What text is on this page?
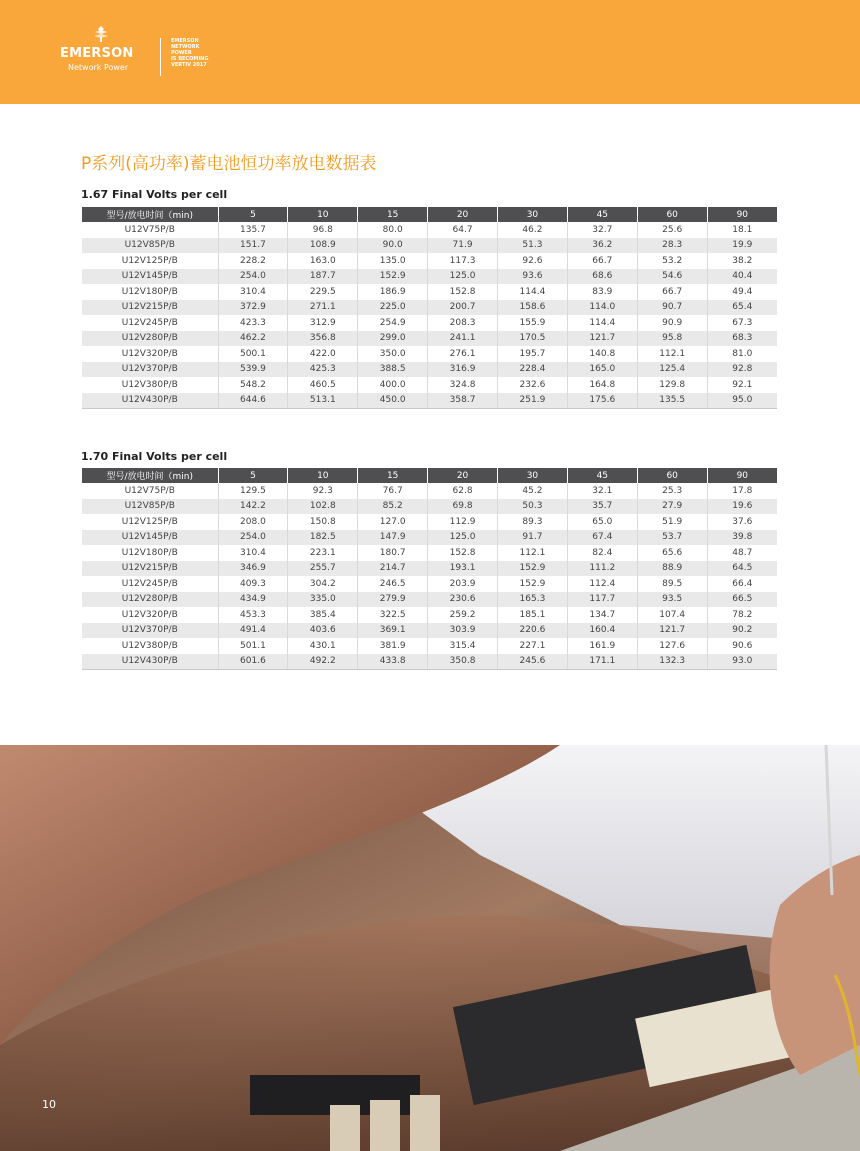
EMERSON
Network Power
EMERSON
NETWORK
POWER
IS BECOMING
VERTIV 2017
P系列(高功率)蓄电池恒功率放电数据表
1.67 Final Volts per cell
型号/放电时间（min)	5	10	15	20	30	45	60	90
U12V75P/B	135.7	96.8	80.0	64.7	46.2	32.7	25.6	18.1
U12V85P/B	151.7	108.9	90.0	71.9	51.3	36.2	28.3	19.9
U12V125P/B	228.2	163.0	135.0	117.3	92.6	66.7	53.2	38.2
U12V145P/B	254.0	187.7	152.9	125.0	93.6	68.6	54.6	40.4
U12V180P/B	310.4	229.5	186.9	152.8	114.4	83.9	66.7	49.4
U12V215P/B	372.9	271.1	225.0	200.7	158.6	114.0	90.7	65.4
U12V245P/B	423.3	312.9	254.9	208.3	155.9	114.4	90.9	67.3
U12V280P/B	462.2	356.8	299.0	241.1	170.5	121.7	95.8	68.3
U12V320P/B	500.1	422.0	350.0	276.1	195.7	140.8	112.1	81.0
U12V370P/B	539.9	425.3	388.5	316.9	228.4	165.0	125.4	92.8
U12V380P/B	548.2	460.5	400.0	324.8	232.6	164.8	129.8	92.1
U12V430P/B	644.6	513.1	450.0	358.7	251.9	175.6	135.5	95.0
1.70 Final Volts per cell
型号/放电时间（min)	5	10	15	20	30	45	60	90
U12V75P/B	129.5	92.3	76.7	62.8	45.2	32.1	25.3	17.8
U12V85P/B	142.2	102.8	85.2	69.8	50.3	35.7	27.9	19.6
U12V125P/B	208.0	150.8	127.0	112.9	89.3	65.0	51.9	37.6
U12V145P/B	254.0	182.5	147.9	125.0	91.7	67.4	53.7	39.8
U12V180P/B	310.4	223.1	180.7	152.8	112.1	82.4	65.6	48.7
U12V215P/B	346.9	255.7	214.7	193.1	152.9	111.2	88.9	64.5
U12V245P/B	409.3	304.2	246.5	203.9	152.9	112.4	89.5	66.4
U12V280P/B	434.9	335.0	279.9	230.6	165.3	117.7	93.5	66.5
U12V320P/B	453.3	385.4	322.5	259.2	185.1	134.7	107.4	78.2
U12V370P/B	491.4	403.6	369.1	303.9	220.6	160.4	121.7	90.2
U12V380P/B	501.1	430.1	381.9	315.4	227.1	161.9	127.6	90.6
U12V430P/B	601.6	492.2	433.8	350.8	245.6	171.1	132.3	93.0
10
